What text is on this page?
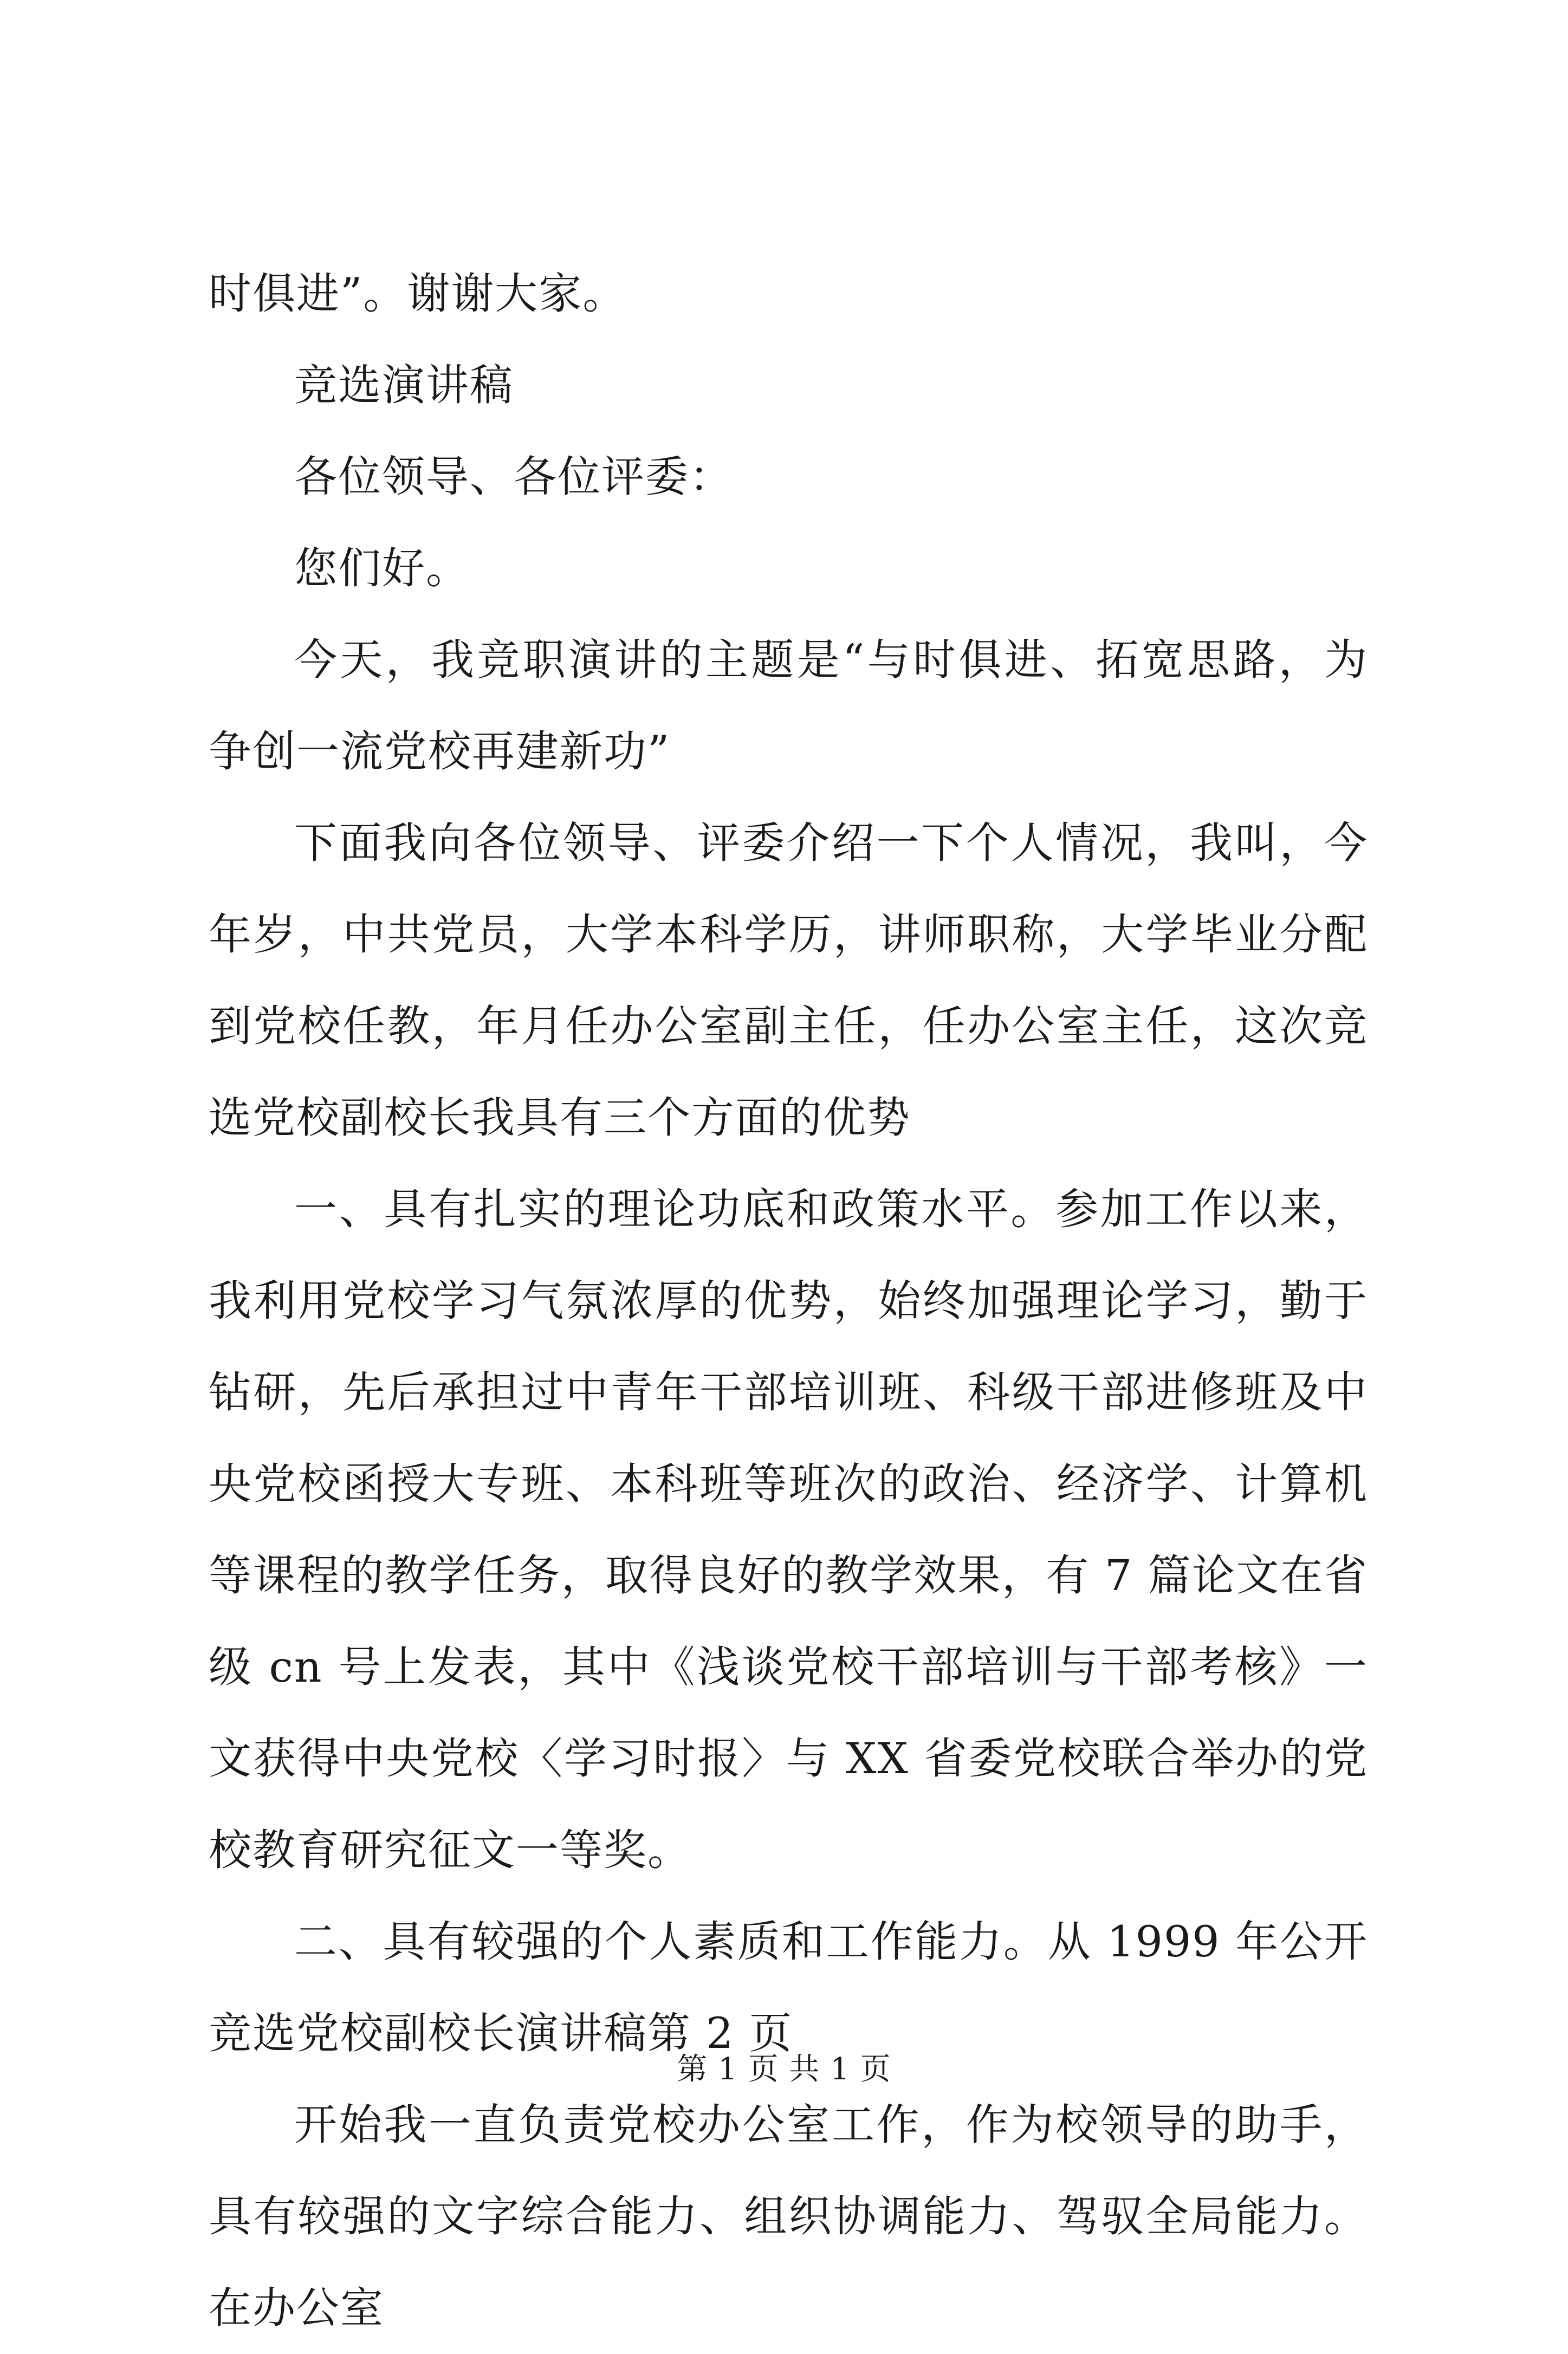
时俱进”。谢谢大家。

竞选演讲稿

各位领导、各位评委：

您们好。

今天，我竞职演讲的主题是“与时俱进、拓宽思路，为争创一流党校再建新功”

下面我向各位领导、评委介绍一下个人情况，我叫，今年岁，中共党员，大学本科学历，讲师职称，大学毕业分配到党校任教，年月任办公室副主任，任办公室主任，这次竞选党校副校长我具有三个方面的优势

一、具有扎实的理论功底和政策水平。参加工作以来，我利用党校学习气氛浓厚的优势，始终加强理论学习，勤于钻研，先后承担过中青年干部培训班、科级干部进修班及中央党校函授大专班、本科班等班次的政治、经济学、计算机等课程的教学任务，取得良好的教学效果，有 7 篇论文在省级 cn 号上发表，其中《浅谈党校干部培训与干部考核》一文获得中央党校〈学习时报〉与 XX 省委党校联合举办的党校教育研究征文一等奖。

二、具有较强的个人素质和工作能力。从 1999 年公开竞选党校副校长演讲稿第 2 页

开始我一直负责党校办公室工作，作为校领导的助手，具有较强的文字综合能力、组织协调能力、驾驭全局能力。在办公室

第 1 页 共 1 页
